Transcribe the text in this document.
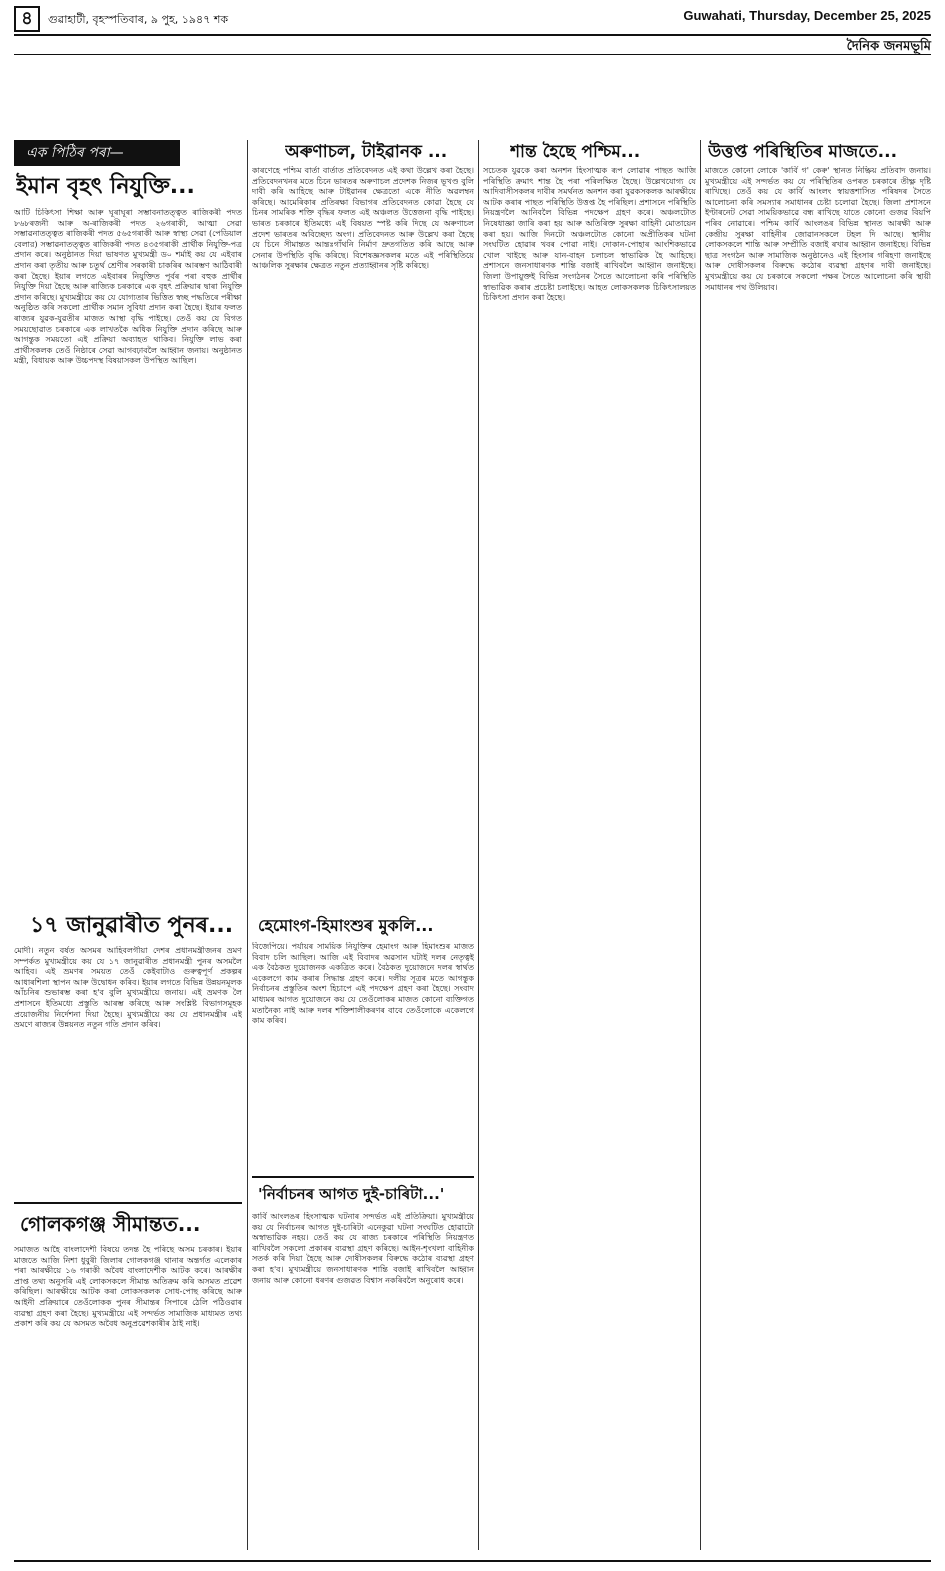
৪	গুৱাহাটী, বৃহস্পতিবাৰ, ৯ পুহ, ১৯৪৭ শক	Guwahati, Thursday, December 25, 2025
দৈনিক জনমভূমি
এক পিঠিৰ পৰা—
ইমান বৃহৎ নিযুক্তি...

আটি চিকিৎসা শিক্ষা আৰু ঘূৰাঘূৰা সম্ভাবনাতত্ত্বত ৰাজিকৰী পদত ৮৬৮ৰজনী আৰু অ-ৰাজিকৰী পদত ২৬গৰাকী, আত্মা সেৱা সম্ভাৱনাতত্ত্বত ৰাজিকৰী পদত ৫৬৫গৰাকী আৰু স্বাস্থ্য সেৱা (পেডিয়াল বেলার) সম্ভাৱনাতত্ত্বত ৰাজিকৰী পদত ৪৩৫গৰাকী প্ৰাৰ্থীক নিযুক্তি-পত্ৰ প্ৰদান কৰে। অনুষ্ঠানত দিয়া ভাষণত মুখ্যমন্ত্ৰী ড০ শৰ্মাই কয় যে এইবাৰ প্ৰদান কৰা তৃতীয় আৰু চতুৰ্থ শ্ৰেণীৰ সৰকাৰী চাকৰিৰ আৰম্ভণ আঠিবাৰী কৰা হৈছে। ইয়াৰ লগতে এইবাৰৰ নিযুক্তিত পূৰ্বৰ পৰা বহুক প্ৰাৰ্থীৰ নিযুক্তি দিয়া হৈছে আৰু ৰাজ্যিক চৰকাৰে এক বৃহৎ প্ৰক্ৰিয়াৰ দ্বাৰা নিযুক্তি প্ৰদান কৰিছে। মুখ্যমন্ত্ৰীয়ে কয় যে যোগ্যতাৰ ভিত্তিত স্বচ্ছ পদ্ধতিৰে পৰীক্ষা অনুষ্ঠিত কৰি সকলো প্ৰাৰ্থীক সমান সুবিধা প্ৰদান কৰা হৈছে। ইয়াৰ ফলত ৰাজ্যৰ যুৱক-যুৱতীৰ মাজত আস্থা বৃদ্ধি পাইছে। তেওঁ কয় যে বিগত সময়ছোৱাত চৰকাৰে এক লাখতকৈ অধিক নিযুক্তি প্ৰদান কৰিছে আৰু আগন্তুক সময়তো এই প্ৰক্ৰিয়া অব্যাহত থাকিব। নিযুক্তি লাভ কৰা প্ৰাৰ্থীসকলক তেওঁ নিষ্ঠাৰে সেৱা আগবঢ়াবলৈ আহ্বান জনায়। অনুষ্ঠানত মন্ত্ৰী, বিধায়ক আৰু উচ্চপদস্থ বিষয়াসকল উপস্থিত আছিল।

১৭ জানুৱাৰীত পুনৰ...

মোদী। নতুন বৰ্ষত অসমৰ আহিবলগীয়া দেশৰ প্ৰধানমন্ত্ৰীজনৰ ভ্ৰমণ সম্পৰ্কত মুখ্যমন্ত্ৰীয়ে কয় যে ১৭ জানুৱাৰীত প্ৰধানমন্ত্ৰী পুনৰ অসমলৈ আহিব। এই ভ্ৰমণৰ সময়ত তেওঁ কেইবাটাও গুৰুত্বপূৰ্ণ প্ৰকল্পৰ আধাৰশিলা স্থাপন আৰু উদ্বোধন কৰিব। ইয়াৰ লগতে বিভিন্ন উন্নয়নমূলক আঁচনিৰ শুভাৰম্ভ কৰা হ'ব বুলি মুখ্যমন্ত্ৰীয়ে জনায়। এই ভ্ৰমণক লৈ প্ৰশাসনে ইতিমধ্যে প্ৰস্তুতি আৰম্ভ কৰিছে আৰু সংশ্লিষ্ট বিভাগসমূহক প্ৰয়োজনীয় নিৰ্দেশনা দিয়া হৈছে। মুখ্যমন্ত্ৰীয়ে কয় যে প্ৰধানমন্ত্ৰীৰ এই ভ্ৰমণে ৰাজ্যৰ উন্নয়নত নতুন গতি প্ৰদান কৰিব।

গোলকগঞ্জ সীমান্তত...

সমাজত আহৈ বাংলাদেশী বিষয়ে তদন্ত হৈ পৰিছে অসম চৰকাৰ। ইয়াৰ মাজতে আজি নিশা ধুবুৰী জিলাৰ গোলকগঞ্জ থানাৰ অন্তৰ্গত এলেকাৰ পৰা আৰক্ষীয়ে ১৬ গৰাকী অবৈধ বাংলাদেশীক আটক কৰে। আৰক্ষীৰ প্ৰাপ্ত তথ্য অনুসৰি এই লোকসকলে সীমান্ত অতিক্ৰম কৰি অসমত প্ৰৱেশ কৰিছিল। আৰক্ষীয়ে আটক কৰা লোকসকলক সোধ-পোছ কৰিছে আৰু আইনী প্ৰক্ৰিয়াৰে তেওঁলোকক পুনৰ সীমান্তৰ সিপাৰে ঠেলি পঠিওৱাৰ ব্যৱস্থা গ্ৰহণ কৰা হৈছে। মুখ্যমন্ত্ৰীয়ে এই সন্দৰ্ভত সামাজিক মাধ্যমত তথ্য প্ৰকাশ কৰি কয় যে অসমত অবৈধ অনুপ্ৰৱেশকাৰীৰ ঠাই নাই।

অৰুণাচল, টাইৱানক ...

কাৰণেহে পশ্চিম বাৰ্তা বাৰ্তাত প্ৰতিবেদনত এই কথা উল্লেখ কৰা হৈছে। প্ৰতিবেদনখনৰ মতে চিনে ভাৰতৰ অৰুণাচল প্ৰদেশক নিজৰ ভূখণ্ড বুলি দাবী কৰি আহিছে আৰু টাইৱানৰ ক্ষেত্ৰতো একে নীতি অৱলম্বন কৰিছে। আমেৰিকাৰ প্ৰতিৰক্ষা বিভাগৰ প্ৰতিবেদনত কোৱা হৈছে যে চিনৰ সামৰিক শক্তি বৃদ্ধিৰ ফলত এই অঞ্চলত উত্তেজনা বৃদ্ধি পাইছে। ভাৰত চৰকাৰে ইতিমধ্যে এই বিষয়ত স্পষ্ট কৰি দিছে যে অৰুণাচল প্ৰদেশ ভাৰতৰ অবিচ্ছেদ্য অংগ। প্ৰতিবেদনত আৰু উল্লেখ কৰা হৈছে যে চিনে সীমান্তত আন্তঃগাঁথনি নিৰ্মাণ দ্ৰুতগতিত কৰি আছে আৰু সেনাৰ উপস্থিতি বৃদ্ধি কৰিছে। বিশেষজ্ঞসকলৰ মতে এই পৰিস্থিতিয়ে আঞ্চলিক সুৰক্ষাৰ ক্ষেত্ৰত নতুন প্ৰত্যাহ্বানৰ সৃষ্টি কৰিছে।

হেমোংগ-হিমাংশুৰ মুকলি...

বিজেপিয়ে। পৰ্যায়ৰ সাময়িক নিযুক্তিৰ হেমাংগ আৰু হিমাংশুৰ মাজত বিবাদ চলি আছিল। আজি এই বিবাদৰ অৱসান ঘটাই দলৰ নেতৃত্বই এক বৈঠকত দুয়োজনক একত্ৰিত কৰে। বৈঠকত দুয়োজনে দলৰ স্বাৰ্থত একেলগে কাম কৰাৰ সিদ্ধান্ত গ্ৰহণ কৰে। দলীয় সূত্ৰৰ মতে আগন্তুক নিৰ্বাচনৰ প্ৰস্তুতিৰ অংশ হিচাপে এই পদক্ষেপ গ্ৰহণ কৰা হৈছে। সংবাদ মাধ্যমৰ আগত দুয়োজনে কয় যে তেওঁলোকৰ মাজত কোনো ব্যক্তিগত মতানৈক্য নাই আৰু দলৰ শক্তিশালীকৰণৰ বাবে তেওঁলোকে একেলগে কাম কৰিব।

'নিৰ্বাচনৰ আগত দুই-চাৰিটা...'

কাৰ্বি আংলঙৰ হিংসাত্মক ঘটনাৰ সন্দৰ্ভত এই প্ৰতিক্ৰিয়া। মুখ্যমন্ত্ৰীয়ে কয় যে নিৰ্বাচনৰ আগত দুই-চাৰিটা এনেকুৱা ঘটনা সংঘটিত হোৱাটো অস্বাভাৱিক নহয়। তেওঁ কয় যে ৰাজ্য চৰকাৰে পৰিস্থিতি নিয়ন্ত্ৰণত ৰাখিবলৈ সকলো প্ৰকাৰৰ ব্যৱস্থা গ্ৰহণ কৰিছে। আইন-শৃংখলা বাহিনীক সতৰ্ক কৰি দিয়া হৈছে আৰু দোষীসকলৰ বিৰুদ্ধে কঠোৰ ব্যৱস্থা গ্ৰহণ কৰা হ'ব। মুখ্যমন্ত্ৰীয়ে জনসাধাৰণক শান্তি বজাই ৰাখিবলৈ আহ্বান জনায় আৰু কোনো ধৰণৰ গুজৱত বিশ্বাস নকৰিবলৈ অনুৰোধ কৰে।

শান্ত হৈছে পশ্চিম...

সচেতক যুৱকে কৰা অনশন হিংসাত্মক ৰূপ লোৱাৰ পাছত আজি পৰিস্থিতি ক্ৰমাৎ শান্ত হৈ পৰা পৰিলক্ষিত হৈছে। উল্লেখযোগ্য যে আদিবাসীসকলৰ দাবীৰ সমৰ্থনত অনশন কৰা যুৱকসকলক আৰক্ষীয়ে আটক কৰাৰ পাছত পৰিস্থিতি উত্তপ্ত হৈ পৰিছিল। প্ৰশাসনে পৰিস্থিতি নিয়ন্ত্ৰণলৈ আনিবলৈ বিভিন্ন পদক্ষেপ গ্ৰহণ কৰে। অঞ্চলটোত নিষেধাজ্ঞা জাৰি কৰা হয় আৰু অতিৰিক্ত সুৰক্ষা বাহিনী মোতায়েন কৰা হয়। আজি দিনটো অঞ্চলটোত কোনো অপ্ৰীতিকৰ ঘটনা সংঘটিত হোৱাৰ খবৰ পোৱা নাই। দোকান-পোহাৰ আংশিকভাৱে খোল খাইছে আৰু যান-বাহন চলাচল স্বাভাৱিক হৈ আহিছে। প্ৰশাসনে জনসাধাৰণক শান্তি বজাই ৰাখিবলৈ আহ্বান জনাইছে। জিলা উপায়ুক্তই বিভিন্ন সংগঠনৰ সৈতে আলোচনা কৰি পৰিস্থিতি স্বাভাৱিক কৰাৰ প্ৰচেষ্টা চলাইছে। আহত লোকসকলক চিকিৎসালয়ত চিকিৎসা প্ৰদান কৰা হৈছে।

উত্তপ্ত পৰিস্থিতিৰ মাজতে...

মাজতে কোনো লোকে 'কাৰ্বি গ' কেৰু' স্থানত নিষ্ক্ৰিয় প্ৰতিবাদ জনায়। মুখ্যমন্ত্ৰীয়ে এই সন্দৰ্ভত কয় যে পৰিস্থিতিৰ ওপৰত চৰকাৰে তীক্ষ্ণ দৃষ্টি ৰাখিছে। তেওঁ কয় যে কাৰ্বি আংলং স্বায়ত্তশাসিত পৰিষদৰ সৈতে আলোচনা কৰি সমস্যাৰ সমাধানৰ চেষ্টা চলোৱা হৈছে। জিলা প্ৰশাসনে ইণ্টাৰনেট সেৱা সাময়িকভাৱে বন্ধ ৰাখিছে যাতে কোনো গুজৱ বিয়পি পৰিব নোৱাৰে। পশ্চিম কাৰ্বি আংলঙৰ বিভিন্ন স্থানত আৰক্ষী আৰু কেন্দ্ৰীয় সুৰক্ষা বাহিনীৰ জোৱানসকলে টহল দি আছে। স্থানীয় লোকসকলে শান্তি আৰু সম্প্ৰীতি বজাই ৰখাৰ আহ্বান জনাইছে। বিভিন্ন ছাত্ৰ সংগঠন আৰু সামাজিক অনুষ্ঠানেও এই হিংসাৰ গৰিহণা জনাইছে আৰু দোষীসকলৰ বিৰুদ্ধে কঠোৰ ব্যৱস্থা গ্ৰহণৰ দাবী জনাইছে। মুখ্যমন্ত্ৰীয়ে কয় যে চৰকাৰে সকলো পক্ষৰ সৈতে আলোচনা কৰি স্থায়ী সমাধানৰ পথ উলিয়াব।
